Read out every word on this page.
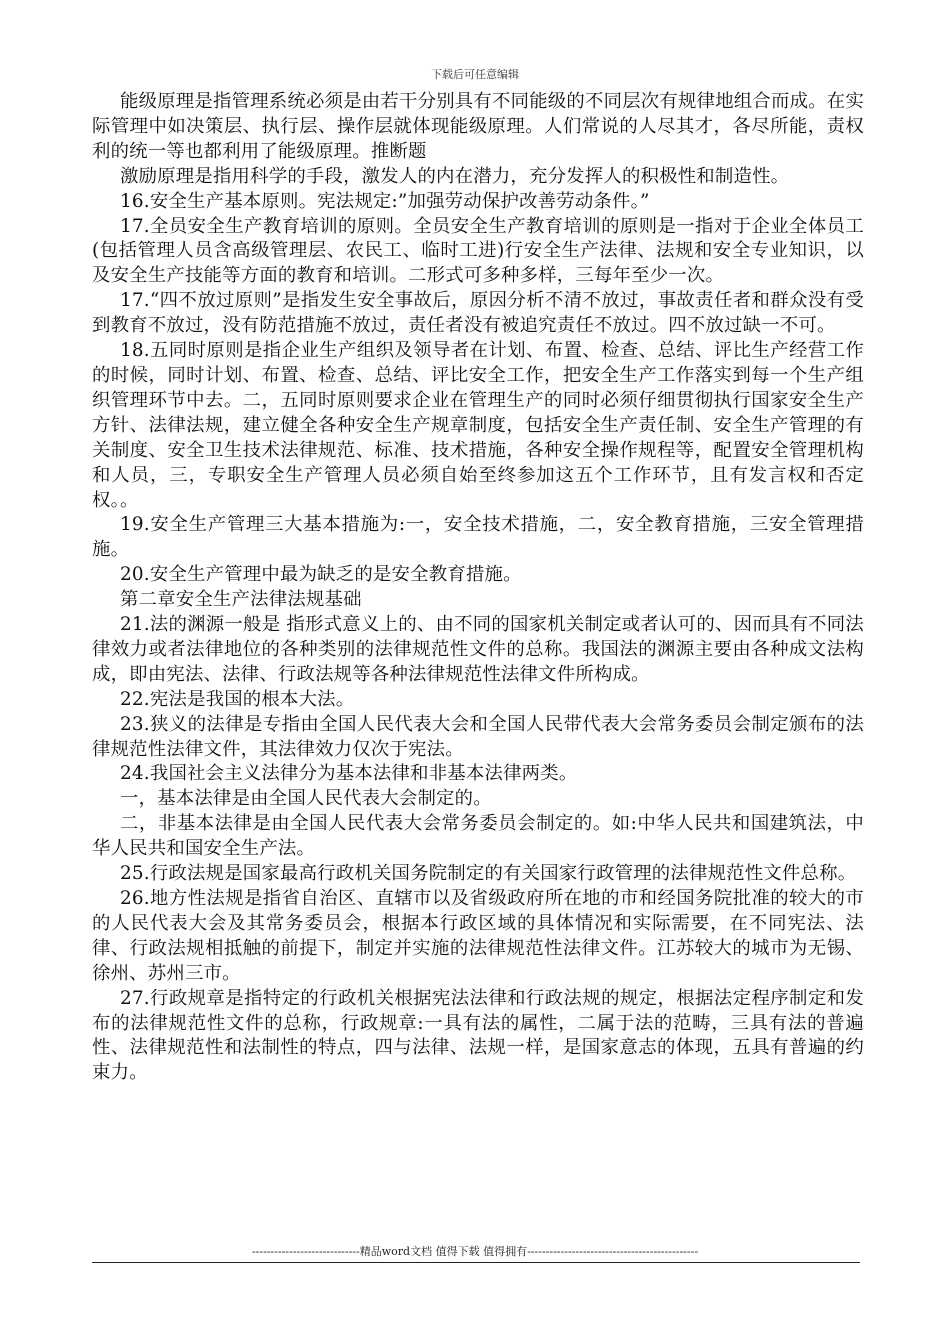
下载后可任意编辑

能级原理是指管理系统必须是由若干分别具有不同能级的不同层次有规律地组合而成。在实际管理中如决策层、执行层、操作层就体现能级原理。人们常说的人尽其才，各尽所能，责权利的统一等也都利用了能级原理。推断题

激励原理是指用科学的手段，激发人的内在潜力，充分发挥人的积极性和制造性。

16.安全生产基本原则。宪法规定:”加强劳动保护改善劳动条件。”

17.全员安全生产教育培训的原则。全员安全生产教育培训的原则是一指对于企业全体员工(包括管理人员含高级管理层、农民工、临时工进)行安全生产法律、法规和安全专业知识，以及安全生产技能等方面的教育和培训。二形式可多种多样，三每年至少一次。

17.“四不放过原则”是指发生安全事故后，原因分析不清不放过，事故责任者和群众没有受到教育不放过，没有防范措施不放过，责任者没有被追究责任不放过。四不放过缺一不可。

18.五同时原则是指企业生产组织及领导者在计划、布置、检查、总结、评比生产经营工作的时候，同时计划、布置、检查、总结、评比安全工作，把安全生产工作落实到每一个生产组织管理环节中去。二，五同时原则要求企业在管理生产的同时必须仔细贯彻执行国家安全生产方针、法律法规，建立健全各种安全生产规章制度，包括安全生产责任制、安全生产管理的有关制度、安全卫生技术法律规范、标准、技术措施，各种安全操作规程等，配置安全管理机构和人员，三，专职安全生产管理人员必须自始至终参加这五个工作环节，且有发言权和否定权。。

19.安全生产管理三大基本措施为:一，安全技术措施，二，安全教育措施，三安全管理措施。

20.安全生产管理中最为缺乏的是安全教育措施。

第二章安全生产法律法规基础

21.法的渊源一般是 指形式意义上的、由不同的国家机关制定或者认可的、因而具有不同法律效力或者法律地位的各种类别的法律规范性文件的总称。我国法的渊源主要由各种成文法构成，即由宪法、法律、行政法规等各种法律规范性法律文件所构成。

22.宪法是我国的根本大法。

23.狭义的法律是专指由全国人民代表大会和全国人民带代表大会常务委员会制定颁布的法律规范性法律文件，其法律效力仅次于宪法。

24.我国社会主义法律分为基本法律和非基本法律两类。

一，基本法律是由全国人民代表大会制定的。

二，非基本法律是由全国人民代表大会常务委员会制定的。如:中华人民共和国建筑法，中华人民共和国安全生产法。

25.行政法规是国家最高行政机关国务院制定的有关国家行政管理的法律规范性文件总称。

26.地方性法规是指省自治区、直辖市以及省级政府所在地的市和经国务院批准的较大的市的人民代表大会及其常务委员会，根据本行政区域的具体情况和实际需要，在不同宪法、法律、行政法规相抵触的前提下，制定并实施的法律规范性法律文件。江苏较大的城市为无锡、徐州、苏州三市。

27.行政规章是指特定的行政机关根据宪法法律和行政法规的规定，根据法定程序制定和发布的法律规范性文件的总称，行政规章:一具有法的属性，二属于法的范畴，三具有法的普遍性、法律规范性和法制性的特点，四与法律、法规一样，是国家意志的体现，五具有普遍的约束力。

-----------------------------精品word文档 值得下载 值得拥有----------------------------------------------
